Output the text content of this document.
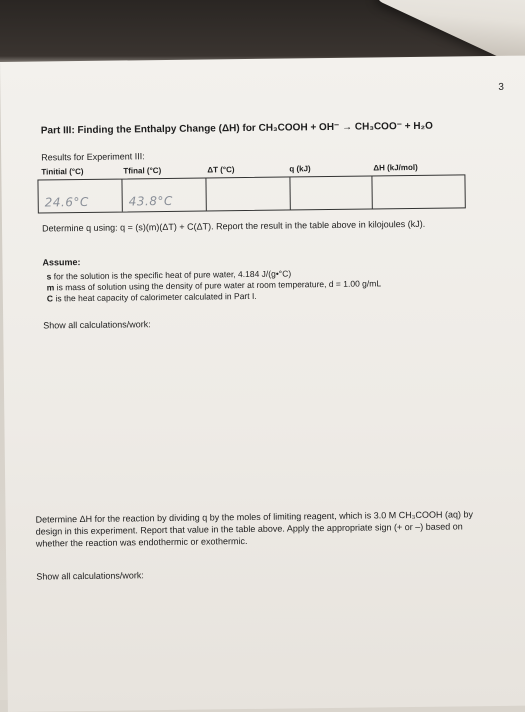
3
Part III: Finding the Enthalpy Change (ΔH) for CH₃COOH + OH⁻ → CH₃COO⁻ + H₂O
Results for Experiment III:
Tinitial (°C)	Tfinal (°C)	ΔT (°C)	q (kJ)	ΔH (kJ/mol)
24.6°C	43.8°C
Determine q using: q = (s)(m)(ΔT) + C(ΔT). Report the result in the table above in kilojoules (kJ).
Assume:
s for the solution is the specific heat of pure water, 4.184 J/(g•°C)
m is mass of solution using the density of pure water at room temperature, d = 1.00 g/mL
C is the heat capacity of calorimeter calculated in Part I.
Show all calculations/work:
Determine ΔH for the reaction by dividing q by the moles of limiting reagent, which is 3.0 M CH₃COOH (aq) by design in this experiment. Report that value in the table above. Apply the appropriate sign (+ or –) based on whether the reaction was endothermic or exothermic.
Show all calculations/work:
